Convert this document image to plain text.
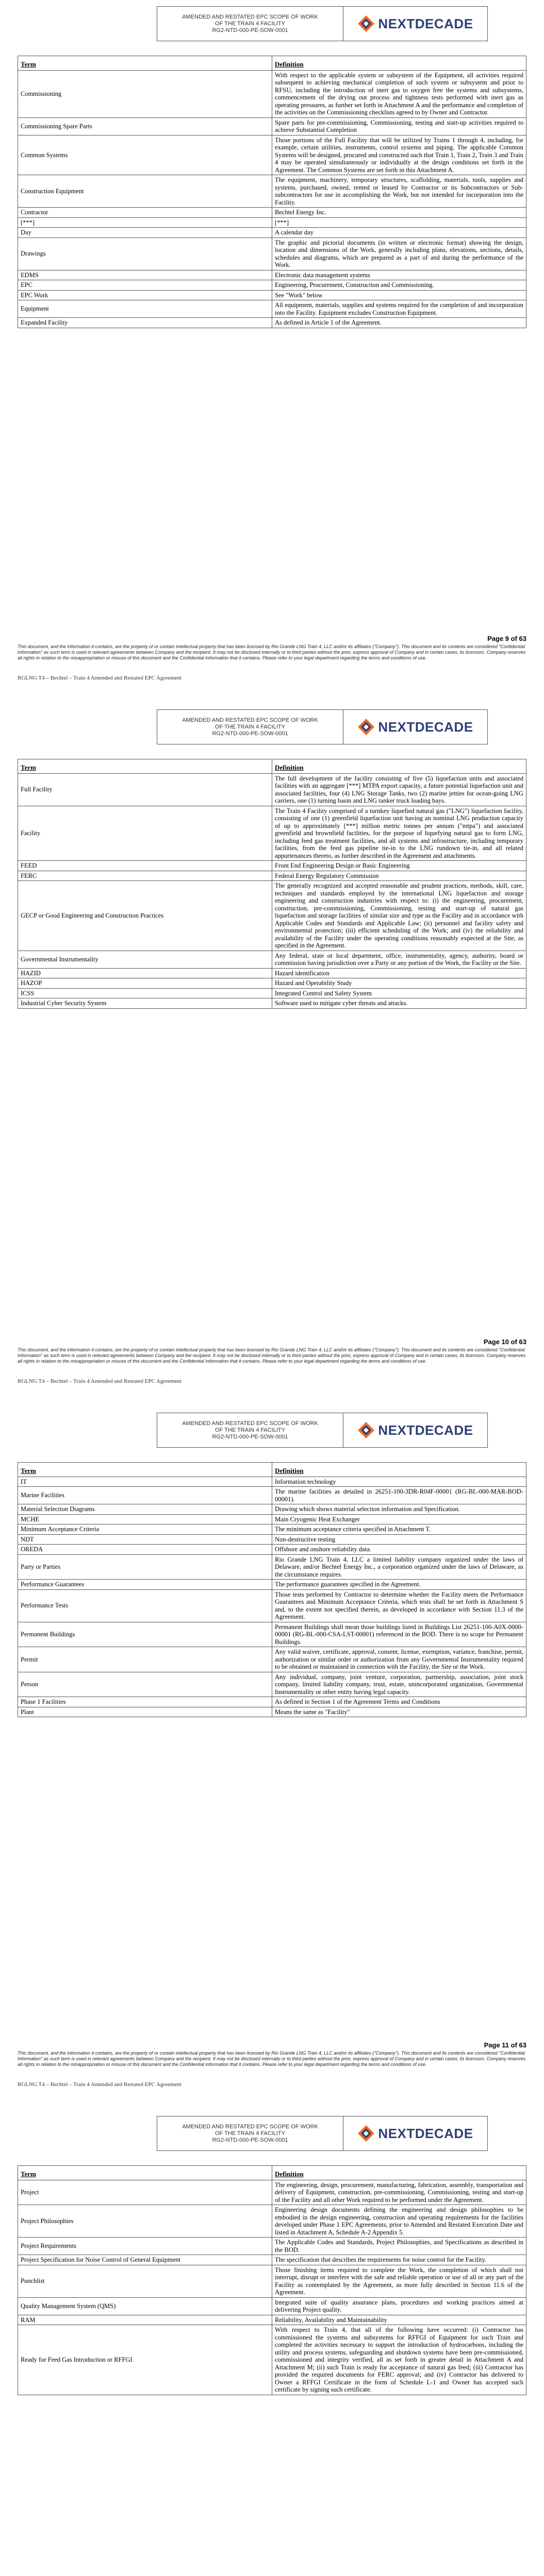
AMENDED AND RESTATED EPC SCOPE OF WORK
OF THE TRAIN 4 FACILITY
RG2-NTD-000-PE-SOW-0001	NEXTDECADE
Term	Definition
Commissioning	With respect to the applicable system or subsystem of the Equipment, all activities required subsequent to achieving mechanical completion of such system or subsystem and prior to RFSU, including the introduction of inert gas to oxygen free the systems and subsystems, commencement of the drying out process and tightness tests performed with inert gas as operating pressures, as further set forth in Attachment A and the performance and completion of the activities on the Commissioning checklists agreed to by Owner and Contractor.
Commissioning Spare Parts	Spare parts for pre-commissioning, Commissioning, testing and start-up activities required to achieve Substantial Completion
Common Systems	Those portions of the Full Facility that will be utilized by Trains 1 through 4, including, for example, certain utilities, instruments, control systems and piping. The applicable Common Systems will be designed, procured and constructed such that Train 1, Train 2, Train 3 and Train 4 may be operated simultaneously or individually at the design conditions set forth in the Agreement. The Common Systems are set forth in this Attachment A.
Construction Equipment	The equipment, machinery, temporary structures, scaffolding, materials, tools, supplies and systems, purchased, owned, rented or leased by Contractor or its Subcontractors or Sub-subcontractors for use in accomplishing the Work, but not intended for incorporation into the Facility.
Contractor	Bechtel Energy Inc.
[***]	[***]
Day	A calendar day
Drawings	The graphic and pictorial documents (in written or electronic format) showing the design, location and dimensions of the Work, generally including plans, elevations, sections, details, schedules and diagrams, which are prepared as a part of and during the performance of the Work.
EDMS	Electronic data management systems
EPC	Engineering, Procurement, Construction and Commissioning.
EPC Work	See "Work" below
Equipment	All equipment, materials, supplies and systems required for the completion of and incorporation into the Facility. Equipment excludes Construction Equipment.
Expanded Facility	As defined in Article 1 of the Agreement.
Page 9 of 63
This document, and the information it contains, are the property of or contain intellectual property that has been licensed by Rio Grande LNG Train 4, LLC and/or its affiliates ("Company"). This document and its contents are considered "Confidential Information" as such term is used in relevant agreements between Company and the recipient. It may not be disclosed internally or to third parties without the prior, express approval of Company and in certain cases, its licensors. Company reserves all rights in relation to the misappropriation or misuse of this document and the Confidential Information that it contains. Please refer to your legal department regarding the terms and conditions of use.
RGLNG T4 – Bechtel – Train 4 Amended and Restated EPC Agreement
AMENDED AND RESTATED EPC SCOPE OF WORK
OF THE TRAIN 4 FACILITY
RG2-NTD-000-PE-SOW-0001	NEXTDECADE
Term	Definition
Full Facility	The full development of the facility consisting of five (5) liquefaction units and associated facilities with an aggregate [***] MTPA export capacity, a future potential liquefaction unit and associated facilities, four (4) LNG Storage Tanks, two (2) marine jetties for ocean-going LNG carriers, one (1) turning basin and LNG tanker truck loading bays.
Facility	The Train 4 Facility comprised of a turnkey liquefied natural gas ("LNG") liquefaction facility, consisting of one (1) greenfield liquefaction unit having an nominal LNG production capacity of up to approximately [***] million metric tonnes per annum ("mtpa") and associated greenfield and brownfield facilities, for the purpose of liquefying natural gas to form LNG, including feed gas treatment facilities, and all systems and infrastructure, including temporary facilities, from the feed gas pipeline tie-in to the LNG rundown tie-in, and all related appurtenances thereto, as further described in the Agreement and attachments.
FEED	Front End Engineering Design or Basic Engineering
FERC	Federal Energy Regulatory Commission
GECP or Good Engineering and Construction Practices	The generally recognized and accepted reasonable and prudent practices, methods, skill, care, techniques and standards employed by the international LNG liquefaction and storage engineering and construction industries with respect to: (i) the engineering, procurement, construction, pre-commissioning, Commissioning, testing and start-up of natural gas liquefaction and storage facilities of similar size and type as the Facility and in accordance with Applicable Codes and Standards and Applicable Law; (ii) personnel and facility safety and environmental protection; (iii) efficient scheduling of the Work; and (iv) the reliability and availability of the Facility under the operating conditions reasonably expected at the Site, as specified in the Agreement.
Governmental Instrumentality	Any federal, state or local department, office, instrumentality, agency, authority, board or commission having jurisdiction over a Party or any portion of the Work, the Facility or the Site.
HAZID	Hazard identification
HAZOP	Hazard and Operability Study
ICSS	Integrated Control and Safety System
Industrial Cyber Security System	Software used to mitigate cyber threats and attacks.
Page 10 of 63
This document, and the information it contains, are the property of or contain intellectual property that has been licensed by Rio Grande LNG Train 4, LLC and/or its affiliates ("Company"). This document and its contents are considered "Confidential Information" as such term is used in relevant agreements between Company and the recipient. It may not be disclosed internally or to third parties without the prior, express approval of Company and in certain cases, its licensors. Company reserves all rights in relation to the misappropriation or misuse of this document and the Confidential Information that it contains. Please refer to your legal department regarding the terms and conditions of use.
RGLNG T4 – Bechtel – Train 4 Amended and Restated EPC Agreement
AMENDED AND RESTATED EPC SCOPE OF WORK
OF THE TRAIN 4 FACILITY
RG2-NTD-000-PE-SOW-0001	NEXTDECADE
Term	Definition
IT	Information technology
Marine Facilities	The marine facilities as detailed in 26251-100-3DR-R04F-00001 (RG-BL-000-MAR-BOD-00001).
Material Selection Diagrams	Drawing which shows material selection information and Specification.
MCHE	Main Cryogenic Heat Exchanger
Minimum Acceptance Criteria	The minimum acceptance criteria specified in Attachment T.
NDT	Non-destructive testing
OREDA	Offshore and onshore reliability data.
Party or Parties	Rio Grande LNG Train 4, LLC a limited liability company organized under the laws of Delaware, and/or Bechtel Energy Inc., a corporation organized under the laws of Delaware, as the circumstance requires.
Performance Guarantees	The performance guarantees specified in the Agreement.
Performance Tests	Those tests performed by Contractor to determine whether the Facility meets the Performance Guarantees and Minimum Acceptance Criteria, which tests shall be set forth in Attachment S and, to the extent not specified therein, as developed in accordance with Section 11.3 of the Agreement.
Permanent Buildings	Permanent Buildings shall mean those buildings listed in Buildings List 26251-100-A0X-0000-00001 (RG-BL-000-CSA-LST-00001) referenced in the BOD. There is no scope for Permanent Buildings.
Permit	Any valid waiver, certificate, approval, consent, license, exemption, variance, franchise, permit, authorization or similar order or authorization from any Governmental Instrumentality required to be obtained or maintained in connection with the Facility, the Site or the Work.
Person	Any individual, company, joint venture, corporation, partnership, association, joint stock company, limited liability company, trust, estate, unincorporated organization, Governmental Instrumentality or other entity having legal capacity.
Phase 1 Facilities	As defined in Section 1 of the Agreement Terms and Conditions
Plant	Means the same as "Facility"
Page 11 of 63
This document, and the information it contains, are the property of or contain intellectual property that has been licensed by Rio Grande LNG Train 4, LLC and/or its affiliates ("Company"). This document and its contents are considered "Confidential Information" as such term is used in relevant agreements between Company and the recipient. It may not be disclosed internally or to third parties without the prior, express approval of Company and in certain cases, its licensors. Company reserves all rights in relation to the misappropriation or misuse of this document and the Confidential Information that it contains. Please refer to your legal department regarding the terms and conditions of use.
RGLNG T4 – Bechtel – Train 4 Amended and Restated EPC Agreement
AMENDED AND RESTATED EPC SCOPE OF WORK
OF THE TRAIN 4 FACILITY
RG2-NTD-000-PE-SOW-0001	NEXTDECADE
Term	Definition
Project	The engineering, design, procurement, manufacturing, fabrication, assembly, transportation and delivery of Equipment, construction, pre-commissioning, Commissioning, testing and start-up of the Facility and all other Work required to be performed under the Agreement.
Project Philosophies	Engineering design documents defining the engineering and design philosophies to be embodied in the design engineering, construction and operating requirements for the facilities developed under Phase 1 EPC Agreements, prior to Amended and Restated Execution Date and listed in Attachment A, Schedule A-2 Appendix 5.
Project Requirements	The Applicable Codes and Standards, Project Philosophies, and Specifications as described in the BOD.
Project Specification for Noise Control of General Equipment	The specification that describes the requirements for noise control for the Facility.
Punchlist	Those finishing items required to complete the Work, the completion of which shall not interrupt, disrupt or interfere with the safe and reliable operation or use of all or any part of the Facility as contemplated by the Agreement, as more fully described in Section 11.6 of the Agreement.
Quality Management System (QMS)	Integrated suite of quality assurance plans, procedures and working practices aimed at delivering Project quality.
RAM	Reliability, Availability and Maintainability
Ready for Feed Gas Introduction or RFFGI	With respect to Train 4, that all of the following have occurred: (i) Contractor has commissioned the systems and subsystems for RFFGI of Equipment for such Train and completed the activities necessary to support the introduction of hydrocarbons, including the utility and process systems, safeguarding and shutdown systems have been pre-commissioned, commissioned and integrity verified, all as set forth in greater detail in Attachment A and Attachment M; (ii) such Train is ready for acceptance of natural gas feed; (iii) Contractor has provided the required documents for FERC approval; and (iv) Contractor has delivered to Owner a RFFGI Certificate in the form of Schedule L-1 and Owner has accepted such certificate by signing such certificate.
